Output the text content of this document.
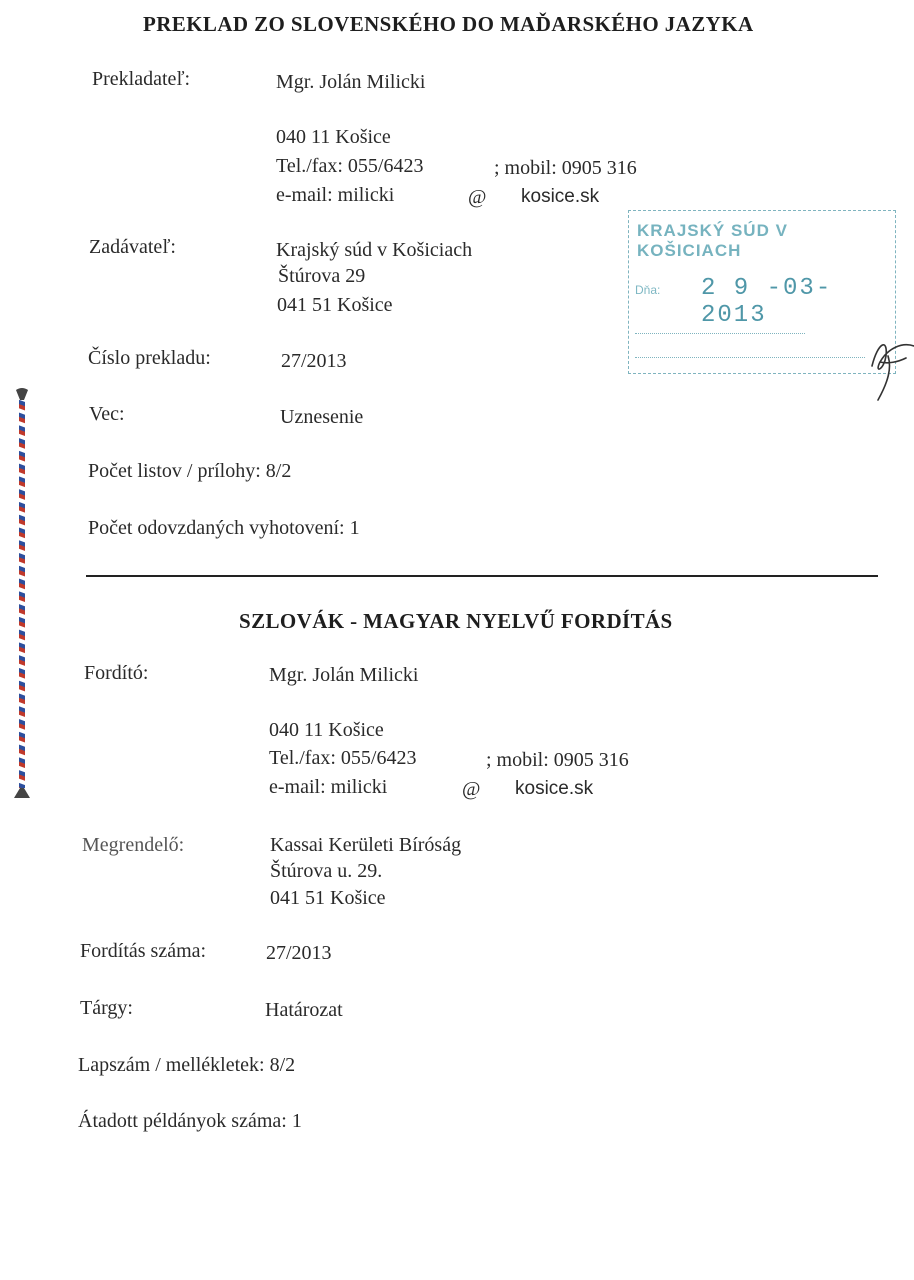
PREKLAD ZO SLOVENSKÉHO DO MAĎARSKÉHO JAZYKA
Prekladateľ:	Mgr. Jolán Milicki
040 11 Košice
Tel./fax: 055/6423	; mobil: 0905 316
e-mail: milicki	@ kosice.sk
Zadávateľ:	Krajský súd v Košiciach
Štúrova 29
041 51 Košice
Číslo prekladu:	27/2013
Vec:	Uznesenie
Počet listov / prílohy: 8/2
Počet odovzdaných vyhotovení: 1
KRAJSKÝ SÚD V KOŠICIACH
Dňa: 2 9 -03- 2013
SZLOVÁK - MAGYAR NYELVŰ FORDÍTÁS
Fordító:	Mgr. Jolán Milicki
040 11 Košice
Tel./fax: 055/6423	; mobil: 0905 316
e-mail: milicki	@ kosice.sk
Megrendelő:	Kassai Kerületi Bíróság
Štúrova u. 29.
041 51 Košice
Fordítás száma:	27/2013
Tárgy:	Határozat
Lapszám / mellékletek: 8/2
Átadott példányok száma: 1
